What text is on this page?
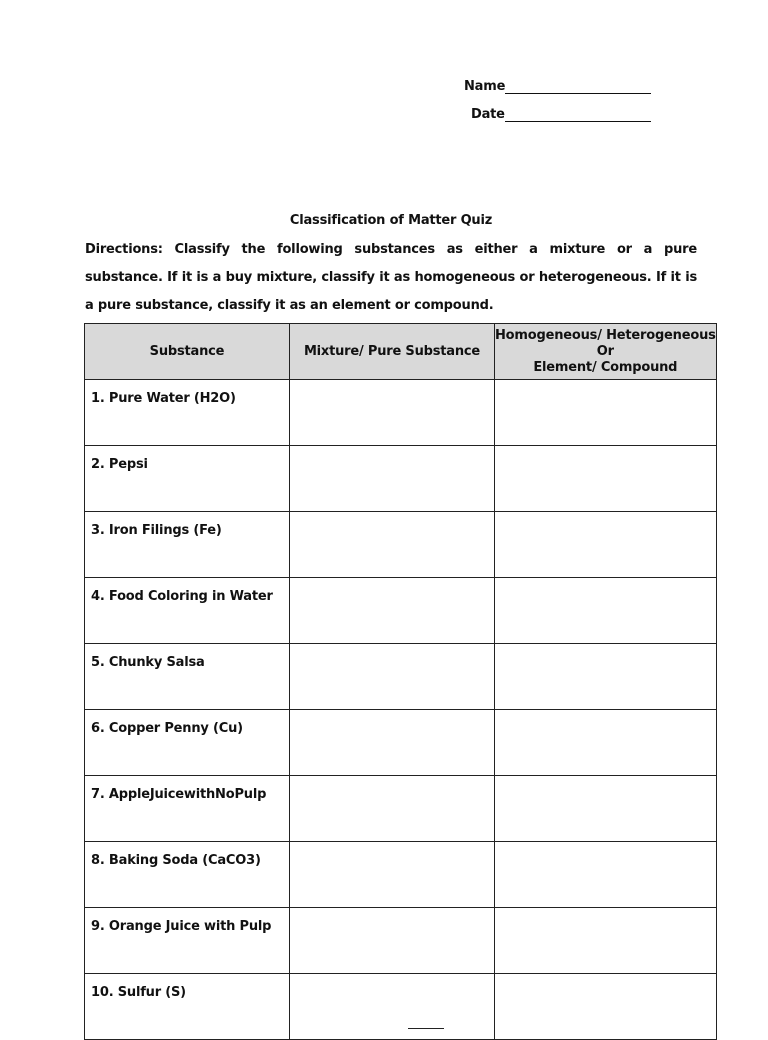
Name
Date
Classification of Matter Quiz
Directions: Classify the following substances as either a mixture or a pure substance. If it is a buy mixture, classify it as homogeneous or heterogeneous. If it is a pure substance, classify it as an element or compound.
Substance	Mixture/ Pure Substance	Homogeneous/ Heterogeneous
Or
Element/ Compound

1. Pure Water (H2O)		
2. Pepsi		
3. Iron Filings (Fe)		
4. Food Coloring in Water		
5. Chunky Salsa		
6. Copper Penny (Cu)		
7. AppleJuicewithNoPulp		
8. Baking Soda (CaCO3)		
9. Orange Juice with Pulp		
10. Sulfur (S)	
